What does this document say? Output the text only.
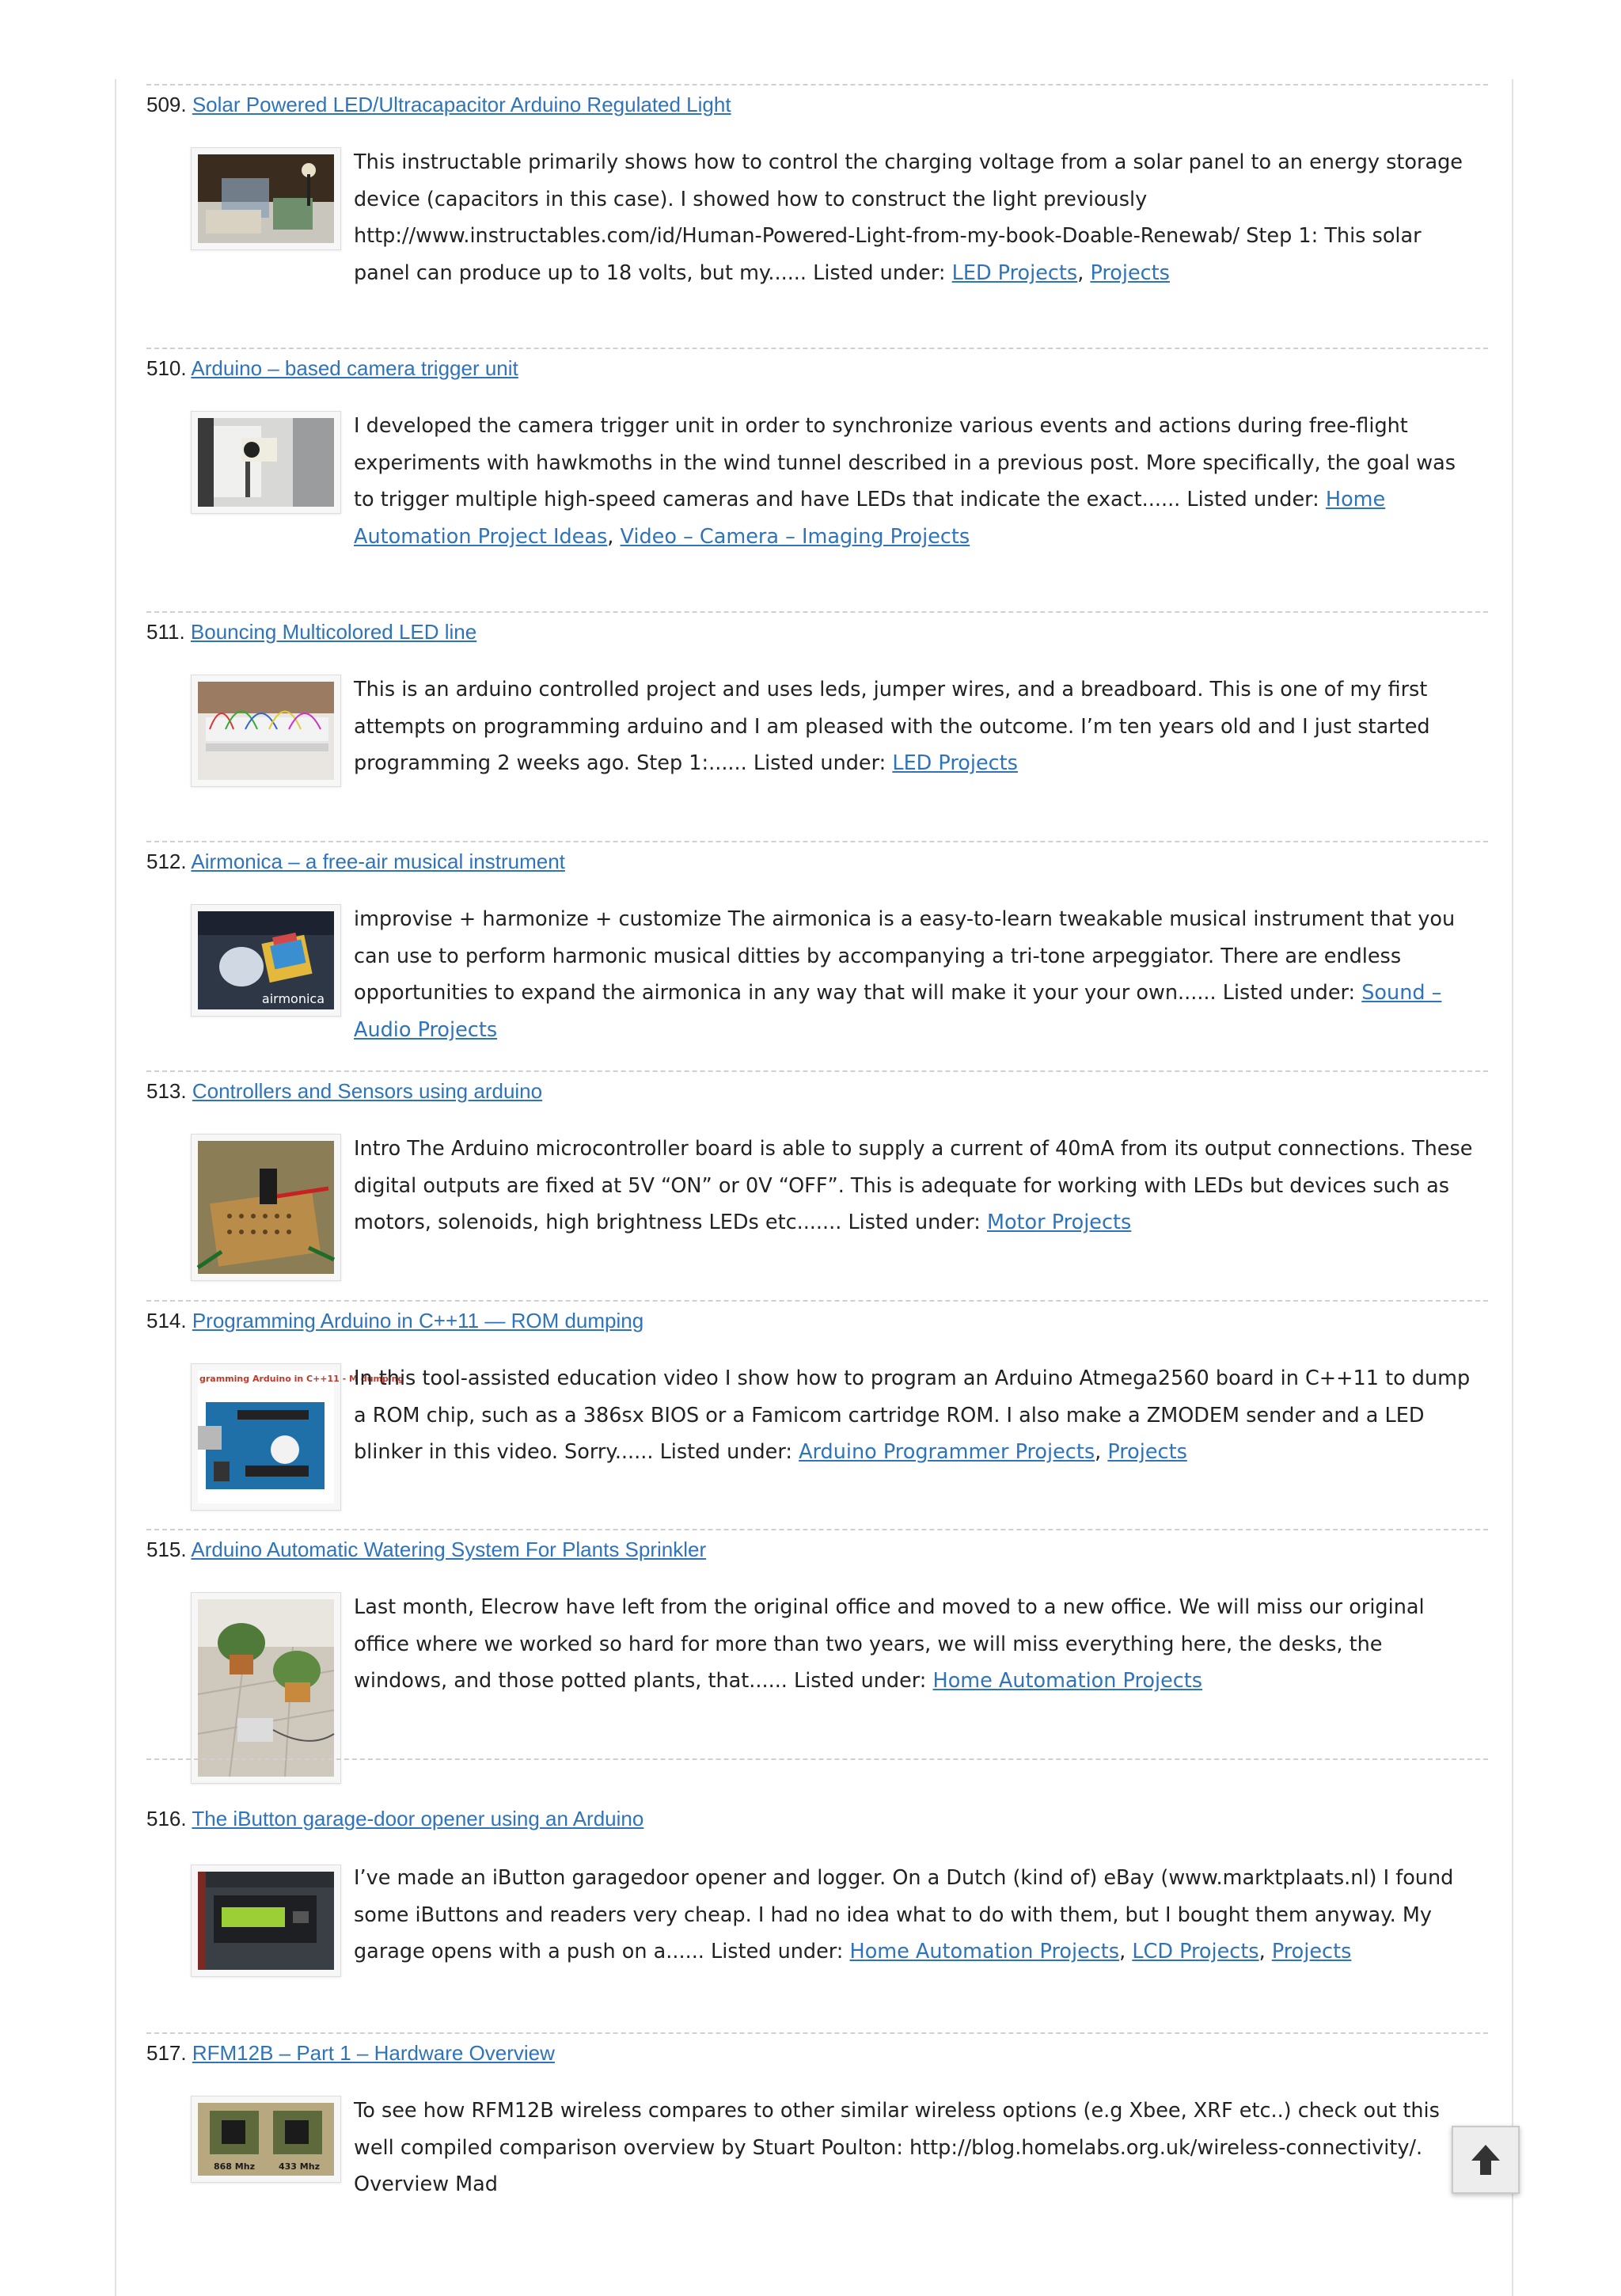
509. Solar Powered LED/Ultracapacitor Arduino Regulated Light
This instructable primarily shows how to control the charging voltage from a solar panel to an energy storage device (capacitors in this case). I showed how to construct the light previously http://www.instructables.com/id/Human-Powered-Light-from-my-book-Doable-Renewab/ Step 1: This solar panel can produce up to 18 volts, but my...... Listed under: LED Projects, Projects
510. Arduino – based camera trigger unit
I developed the camera trigger unit in order to synchronize various events and actions during free-flight experiments with hawkmoths in the wind tunnel described in a previous post. More specifically, the goal was to trigger multiple high-speed cameras and have LEDs that indicate the exact...... Listed under: Home Automation Project Ideas, Video – Camera – Imaging Projects
511. Bouncing Multicolored LED line
This is an arduino controlled project and uses leds, jumper wires, and a breadboard. This is one of my first attempts on programming arduino and I am pleased with the outcome. I’m ten years old and I just started programming 2 weeks ago. Step 1:...... Listed under: LED Projects
512. Airmonica – a free-air musical instrument
airmonica
improvise + harmonize + customize The airmonica is a easy-to-learn tweakable musical instrument that you can use to perform harmonic musical ditties by accompanying a tri-tone arpeggiator. There are endless opportunities to expand the airmonica in any way that will make it your your own...... Listed under: Sound – Audio Projects
513. Controllers and Sensors using arduino
Intro The Arduino microcontroller board is able to supply a current of 40mA from its output connections. These digital outputs are fixed at 5V “ON” or 0V “OFF”. This is adequate for working with LEDs but devices such as motors, solenoids, high brightness LEDs etc....... Listed under: Motor Projects
514. Programming Arduino in C++11 — ROM dumping
gramming Arduino in C++11 - M dumping
In this tool-assisted education video I show how to program an Arduino Atmega2560 board in C++11 to dump a ROM chip, such as a 386sx BIOS or a Famicom cartridge ROM. I also make a ZMODEM sender and a LED blinker in this video. Sorry...... Listed under: Arduino Programmer Projects, Projects
515. Arduino Automatic Watering System For Plants Sprinkler
Last month, Elecrow have left from the original office and moved to a new office. We will miss our original office where we worked so hard for more than two years, we will miss everything here, the desks, the windows, and those potted plants, that...... Listed under: Home Automation Projects
516. The iButton garage-door opener using an Arduino
I’ve made an iButton garagedoor opener and logger. On a Dutch (kind of) eBay (www.marktplaats.nl) I found some iButtons and readers very cheap. I had no idea what to do with them, but I bought them anyway. My garage opens with a push on a...... Listed under: Home Automation Projects, LCD Projects, Projects
517. RFM12B – Part 1 – Hardware Overview
868 Mhz	433 Mhz
To see how RFM12B wireless compares to other similar wireless options (e.g Xbee, XRF etc..) check out this well compiled comparison overview by Stuart Poulton: http://blog.homelabs.org.uk/wireless-connectivity/. Overview Mad
